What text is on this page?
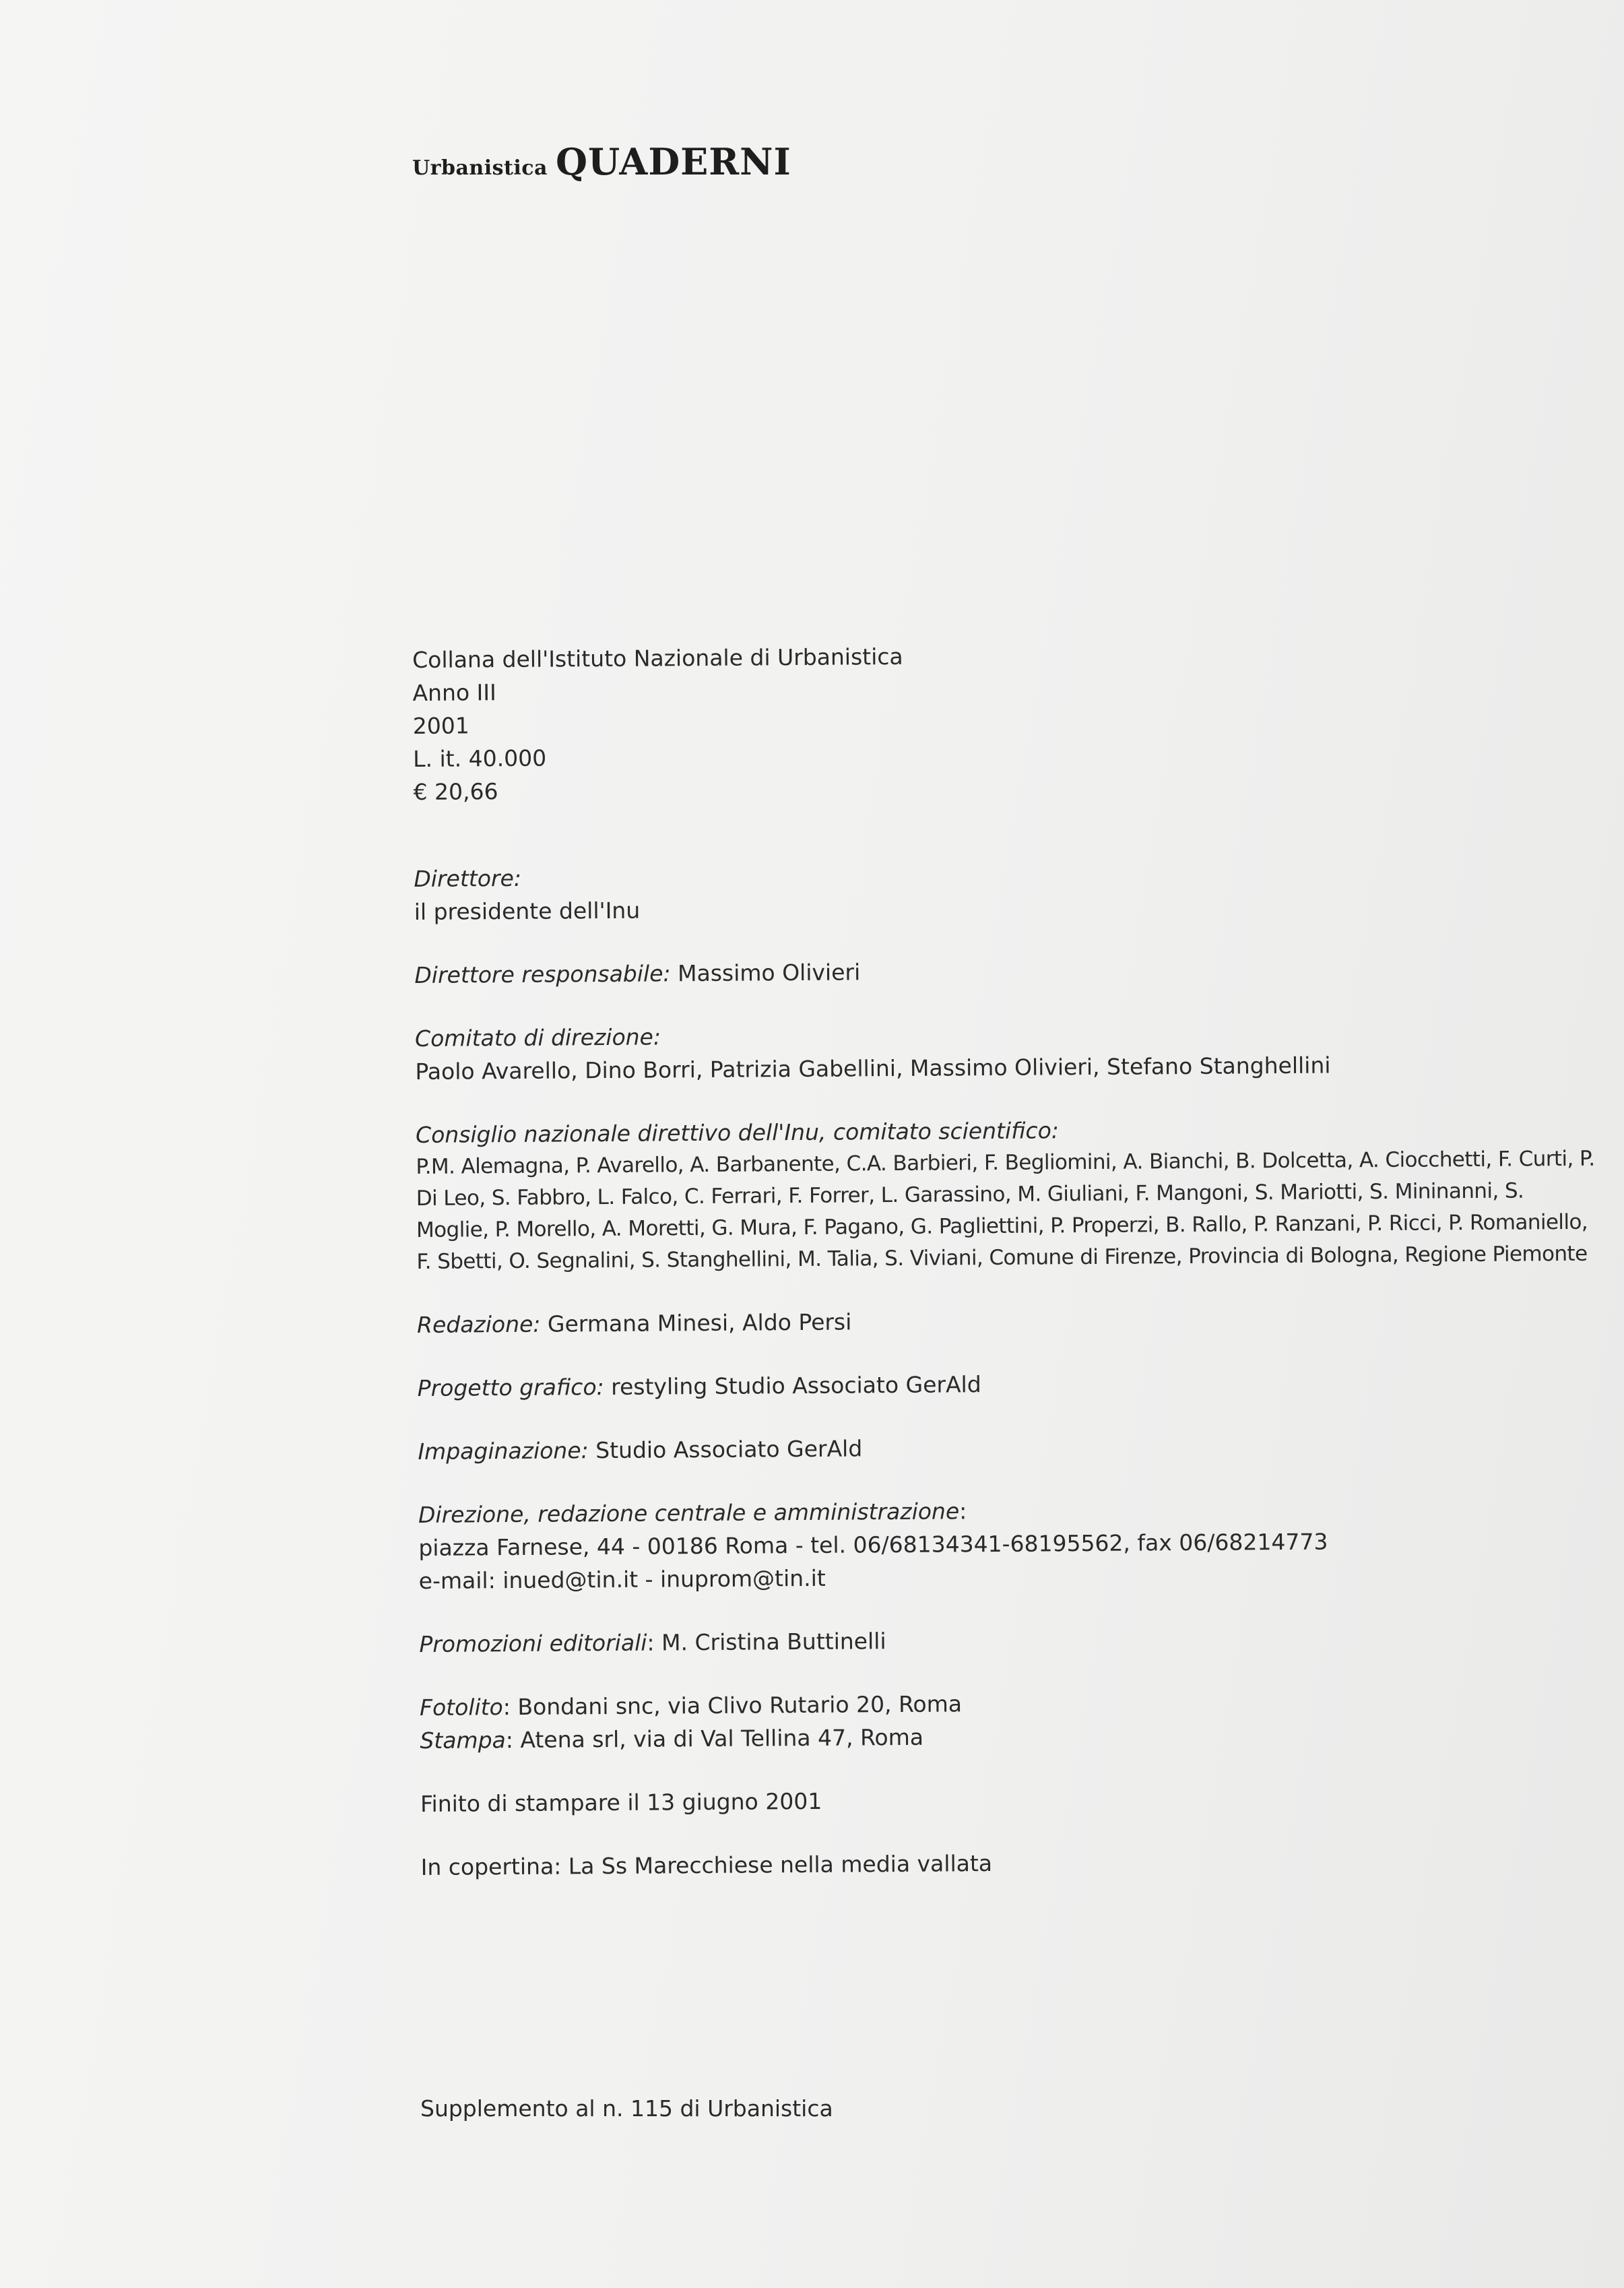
Urbanistica QUADERNI
Collana dell'Istituto Nazionale di Urbanistica
Anno III
2001
L. it. 40.000
€ 20,66
Direttore:
il presidente dell'Inu
Direttore responsabile: Massimo Olivieri
Comitato di direzione:
Paolo Avarello, Dino Borri, Patrizia Gabellini, Massimo Olivieri, Stefano Stanghellini
Consiglio nazionale direttivo dell'Inu, comitato scientifico:
P.M. Alemagna, P. Avarello, A. Barbanente, C.A. Barbieri, F. Begliomini, A. Bianchi, B. Dolcetta, A. Ciocchetti, F. Curti, P. Di Leo, S. Fabbro, L. Falco, C. Ferrari, F. Forrer, L. Garassino, M. Giuliani, F. Mangoni, S. Mariotti, S. Mininanni, S. Moglie, P. Morello, A. Moretti, G. Mura, F. Pagano, G. Pagliettini, P. Properzi, B. Rallo, P. Ranzani, P. Ricci, P. Romaniello, F. Sbetti, O. Segnalini, S. Stanghellini, M. Talia, S. Viviani, Comune di Firenze, Provincia di Bologna, Regione Piemonte
Redazione: Germana Minesi, Aldo Persi
Progetto grafico: restyling Studio Associato GerAld
Impaginazione: Studio Associato GerAld
Direzione, redazione centrale e amministrazione:
piazza Farnese, 44 - 00186 Roma - tel. 06/68134341-68195562, fax 06/68214773
e-mail: inued@tin.it - inuprom@tin.it
Promozioni editoriali: M. Cristina Buttinelli
Fotolito: Bondani snc, via Clivo Rutario 20, Roma
Stampa: Atena srl, via di Val Tellina 47, Roma
Finito di stampare il 13 giugno 2001
In copertina: La Ss Marecchiese nella media vallata
Supplemento al n. 115 di Urbanistica
